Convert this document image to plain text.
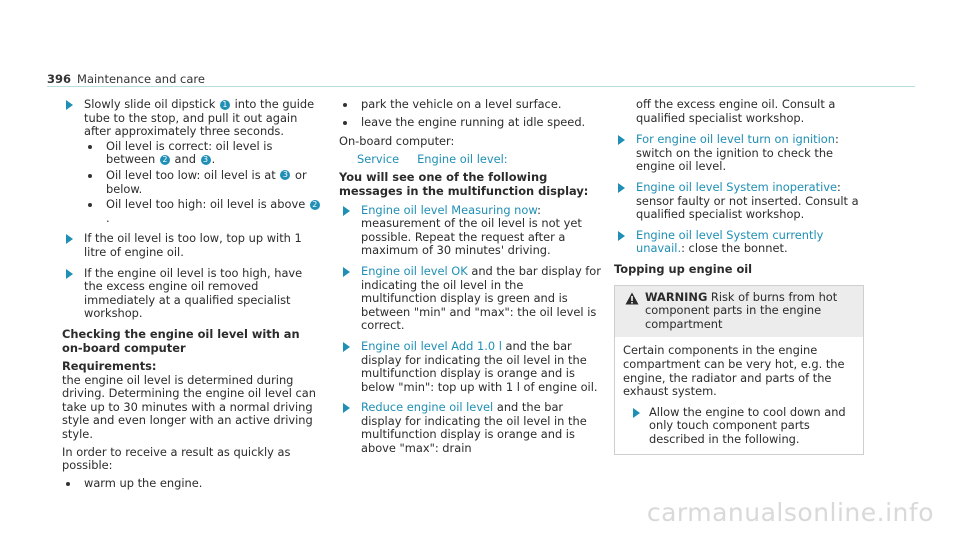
396 Maintenance and care
Slowly slide oil dipstick 1 into the guide tube to the stop, and pull it out again after approximately three seconds.
Oil level is correct: oil level is between 2 and 3 .
Oil level too low: oil level is at 3 or below.
Oil level too high: oil level is above 2.
If the oil level is too low, top up with 1 litre of engine oil.
If the engine oil level is too high, have the excess engine oil removed immediately at a qualified specialist workshop.
Checking the engine oil level with an on-board computer
Requirements:
the engine oil level is determined during driving. Determining the engine oil level can take up to 30 minutes with a normal driving style and even longer with an active driving style.
In order to receive a result as quickly as possible:
warm up the engine.
park the vehicle on a level surface.
leave the engine running at idle speed.
On-board computer:
Service Engine oil level:
You will see one of the following messages in the multifunction display:
Engine oil level Measuring now: measurement of the oil level is not yet possible. Repeat the request after a maximum of 30 minutes' driving.
Engine oil level OK and the bar display for indicating the oil level in the multifunction display is green and is between "min" and "max": the oil level is correct.
Engine oil level Add 1.0 l and the bar display for indicating the oil level in the multifunction display is orange and is below "min": top up with 1 l of engine oil.
Reduce engine oil level and the bar display for indicating the oil level in the multifunction display is orange and is above "max": drain
off the excess engine oil. Consult a qualified specialist workshop.
For engine oil level turn on ignition: switch on the ignition to check the engine oil level.
Engine oil level System inoperative: sensor faulty or not inserted. Consult a qualified specialist workshop.
Engine oil level System currently unavail.: close the bonnet.
Topping up engine oil
WARNING Risk of burns from hot component parts in the engine compartment
Certain components in the engine compartment can be very hot, e.g. the engine, the radiator and parts of the exhaust system.
Allow the engine to cool down and only touch component parts described in the following.
carmanualsonline.info
